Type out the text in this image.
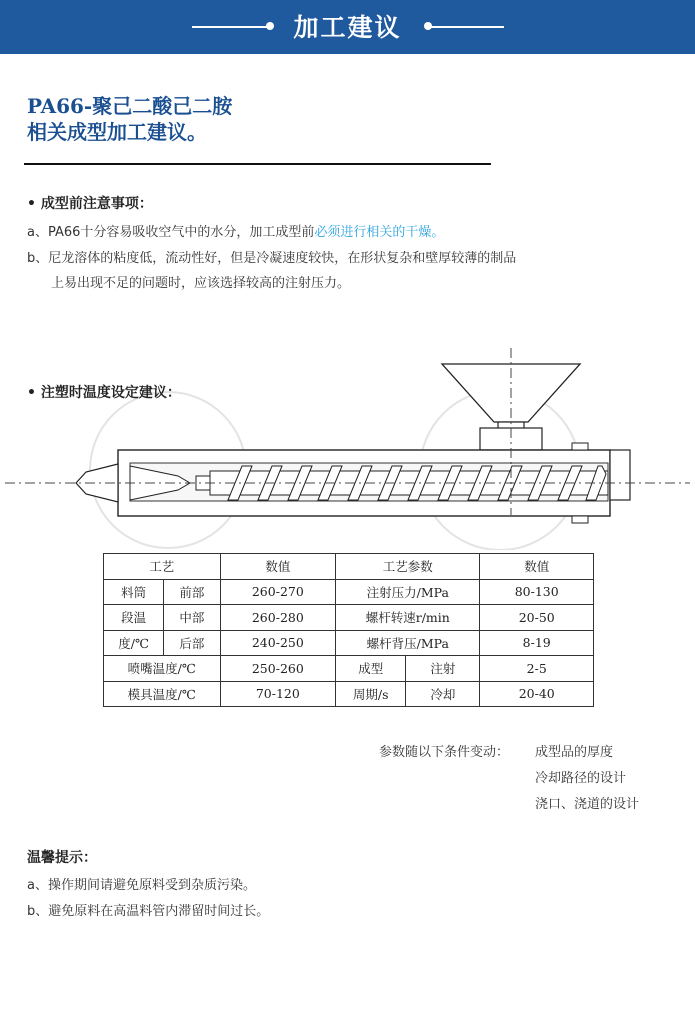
加工建议
PA66-聚己二酸己二胺
相关成型加工建议。
• 成型前注意事项：
a、PA66十分容易吸收空气中的水分，加工成型前必须进行相关的干燥。
b、尼龙溶体的粘度低，流动性好，但是冷凝速度较快，在形状复杂和壁厚较薄的制品
上易出现不足的问题时，应该选择较高的注射压力。
• 注塑时温度设定建议：
工艺		数值	工艺参数		数值
料筒	前部	260-270	注射压力/MPa		80-130
段温	中部	260-280	螺杆转速r/min		20-50
度/℃	后部	240-250	螺杆背压/MPa		8-19
喷嘴温度/℃		250-260	成型	注射	2-5
模具温度/℃		70-120	周期/s	冷却	20-40
参数随以下条件变动： 成型品的厚度
冷却路径的设计
浇口、浇道的设计
温馨提示：
a、操作期间请避免原料受到杂质污染。
b、避免原料在高温料管内滞留时间过长。
